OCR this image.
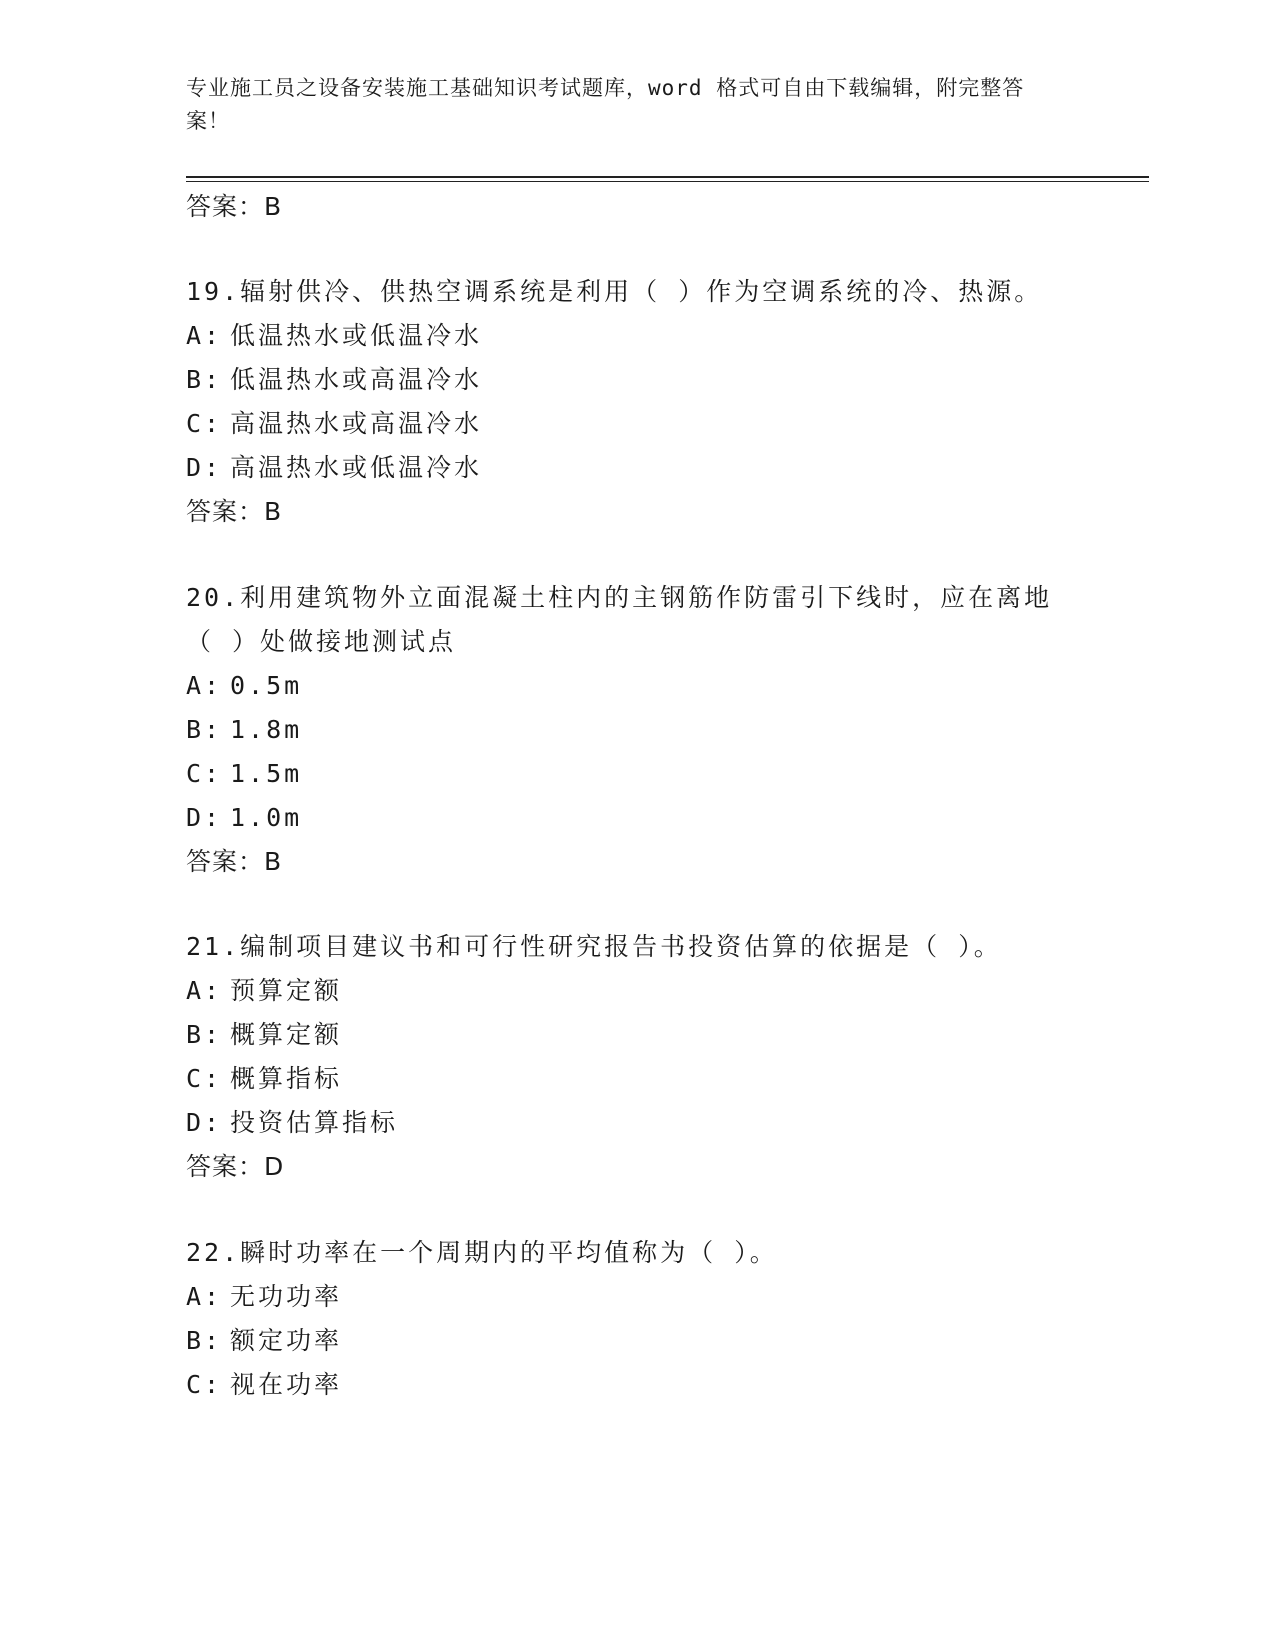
专业施工员之设备安装施工基础知识考试题库，word 格式可自由下载编辑，附完整答案！
答案：B
19.辐射供冷、供热空调系统是利用（ ）作为空调系统的冷、热源。
A: 低温热水或低温冷水
B: 低温热水或高温冷水
C: 高温热水或高温冷水
D: 高温热水或低温冷水
答案：B
20.利用建筑物外立面混凝土柱内的主钢筋作防雷引下线时，应在离地
（ ）处做接地测试点
A: 0.5m
B: 1.8m
C: 1.5m
D: 1.0m
答案：B
21.编制项目建议书和可行性研究报告书投资估算的依据是（ ）。
A: 预算定额
B: 概算定额
C: 概算指标
D: 投资估算指标
答案：D
22.瞬时功率在一个周期内的平均值称为（ ）。
A: 无功功率
B: 额定功率
C: 视在功率
